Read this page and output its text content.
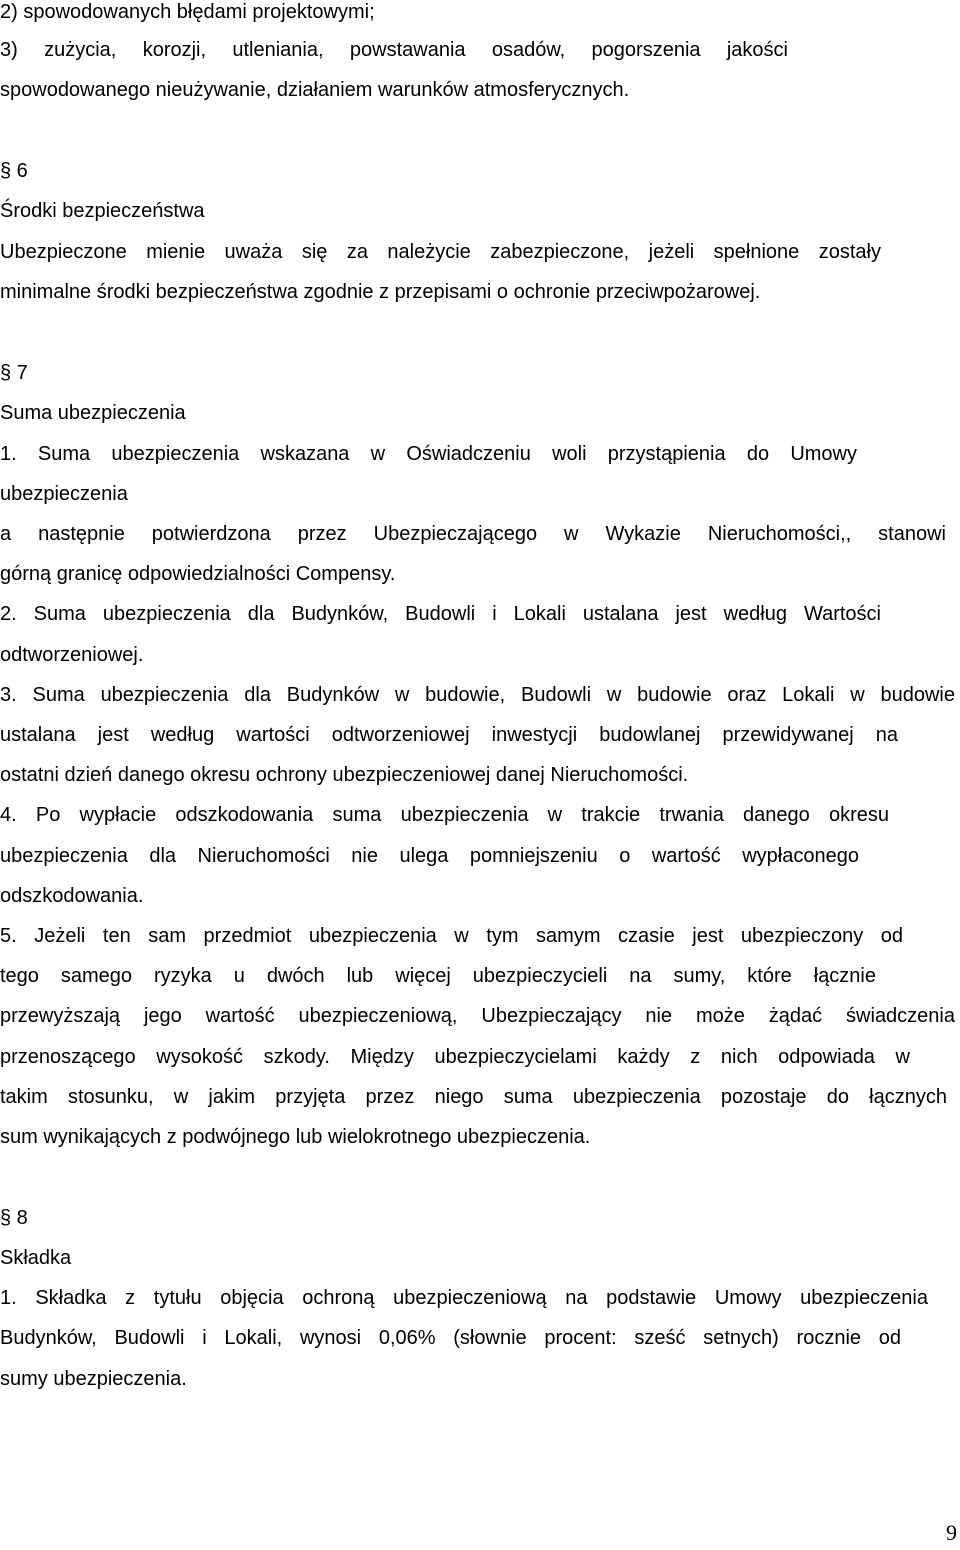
2) spowodowanych błędami projektowymi;
3) zużycia, korozji, utleniania, powstawania osadów, pogorszenia jakości
spowodowanego nieużywanie, działaniem warunków atmosferycznych.
§ 6
Środki bezpieczeństwa
Ubezpieczone mienie uważa się za należycie zabezpieczone, jeżeli spełnione zostały
minimalne środki bezpieczeństwa zgodnie z przepisami o ochronie przeciwpożarowej.
§ 7
Suma ubezpieczenia
1. Suma ubezpieczenia wskazana w Oświadczeniu woli przystąpienia do Umowy
ubezpieczenia
a następnie potwierdzona przez Ubezpieczającego w Wykazie Nieruchomości,, stanowi
górną granicę odpowiedzialności Compensy.
2. Suma ubezpieczenia dla Budynków, Budowli i Lokali ustalana jest według Wartości
odtworzeniowej.
3. Suma ubezpieczenia dla Budynków w budowie, Budowli w budowie oraz Lokali w budowie
ustalana jest według wartości odtworzeniowej inwestycji budowlanej przewidywanej na
ostatni dzień danego okresu ochrony ubezpieczeniowej danej Nieruchomości.
4. Po wypłacie odszkodowania suma ubezpieczenia w trakcie trwania danego okresu
ubezpieczenia dla Nieruchomości nie ulega pomniejszeniu o wartość wypłaconego
odszkodowania.
5. Jeżeli ten sam przedmiot ubezpieczenia w tym samym czasie jest ubezpieczony od
tego samego ryzyka u dwóch lub więcej ubezpieczycieli na sumy, które łącznie
przewyższają jego wartość ubezpieczeniową, Ubezpieczający nie może żądać świadczenia
przenoszącego wysokość szkody. Między ubezpieczycielami każdy z nich odpowiada w
takim stosunku, w jakim przyjęta przez niego suma ubezpieczenia pozostaje do łącznych
sum wynikających z podwójnego lub wielokrotnego ubezpieczenia.
§ 8
Składka
1. Składka z tytułu objęcia ochroną ubezpieczeniową na podstawie Umowy ubezpieczenia
Budynków, Budowli i Lokali, wynosi 0,06% (słownie procent: sześć setnych) rocznie od
sumy ubezpieczenia.
9
